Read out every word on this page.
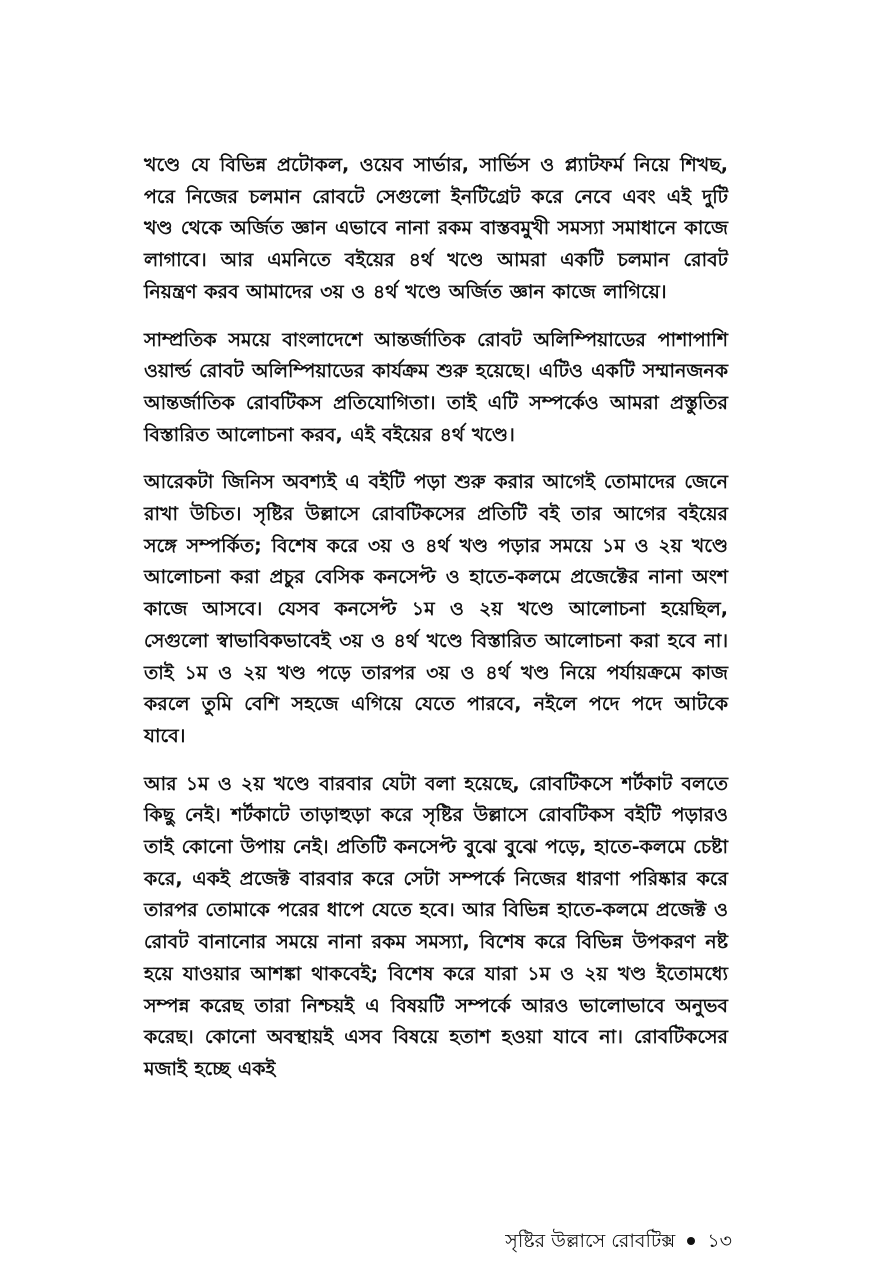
খণ্ডে যে বিভিন্ন প্রটোকল, ওয়েব সার্ভার, সার্ভিস ও প্ল্যাটফর্ম নিয়ে শিখছ, পরে নিজের চলমান রোবটে সেগুলো ইনটিগ্রেট করে নেবে এবং এই দুটি খণ্ড থেকে অর্জিত জ্ঞান এভাবে নানা রকম বাস্তবমুখী সমস্যা সমাধানে কাজে লাগাবে। আর এমনিতে বইয়ের ৪র্থ খণ্ডে আমরা একটি চলমান রোবট নিয়ন্ত্রণ করব আমাদের ৩য় ও ৪র্থ খণ্ডে অর্জিত জ্ঞান কাজে লাগিয়ে।

সাম্প্রতিক সময়ে বাংলাদেশে আন্তর্জাতিক রোবট অলিম্পিয়াডের পাশাপাশি ওয়ার্ল্ড রোবট অলিম্পিয়াডের কার্যক্রম শুরু হয়েছে। এটিও একটি সম্মানজনক আন্তর্জাতিক রোবটিকস প্রতিযোগিতা। তাই এটি সম্পর্কেও আমরা প্রস্তুতির বিস্তারিত আলোচনা করব, এই বইয়ের ৪র্থ খণ্ডে।

আরেকটা জিনিস অবশ্যই এ বইটি পড়া শুরু করার আগেই তোমাদের জেনে রাখা উচিত। সৃষ্টির উল্লাসে রোবটিকসের প্রতিটি বই তার আগের বইয়ের সঙ্গে সম্পর্কিত; বিশেষ করে ৩য় ও ৪র্থ খণ্ড পড়ার সময়ে ১ম ও ২য় খণ্ডে আলোচনা করা প্রচুর বেসিক কনসেপ্ট ও হাতে-কলমে প্রজেক্টের নানা অংশ কাজে আসবে। যেসব কনসেপ্ট ১ম ও ২য় খণ্ডে আলোচনা হয়েছিল, সেগুলো স্বাভাবিকভাবেই ৩য় ও ৪র্থ খণ্ডে বিস্তারিত আলোচনা করা হবে না। তাই ১ম ও ২য় খণ্ড পড়ে তারপর ৩য় ও ৪র্থ খণ্ড নিয়ে পর্যায়ক্রমে কাজ করলে তুমি বেশি সহজে এগিয়ে যেতে পারবে, নইলে পদে পদে আটকে যাবে।

আর ১ম ও ২য় খণ্ডে বারবার যেটা বলা হয়েছে, রোবটিকসে শর্টকাট বলতে কিছু নেই। শর্টকাটে তাড়াহুড়া করে সৃষ্টির উল্লাসে রোবটিকস বইটি পড়ারও তাই কোনো উপায় নেই। প্রতিটি কনসেপ্ট বুঝে বুঝে পড়ে, হাতে-কলমে চেষ্টা করে, একই প্রজেক্ট বারবার করে সেটা সম্পর্কে নিজের ধারণা পরিষ্কার করে তারপর তোমাকে পরের ধাপে যেতে হবে। আর বিভিন্ন হাতে-কলমে প্রজেক্ট ও রোবট বানানোর সময়ে নানা রকম সমস্যা, বিশেষ করে বিভিন্ন উপকরণ নষ্ট হয়ে যাওয়ার আশঙ্কা থাকবেই; বিশেষ করে যারা ১ম ও ২য় খণ্ড ইতোমধ্যে সম্পন্ন করেছ তারা নিশ্চয়ই এ বিষয়টি সম্পর্কে আরও ভালোভাবে অনুভব করেছ। কোনো অবস্থায়ই এসব বিষয়ে হতাশ হওয়া যাবে না। রোবটিকসের মজাই হচ্ছে একই

সৃষ্টির উল্লাসে রোবটিক্স ১৩
